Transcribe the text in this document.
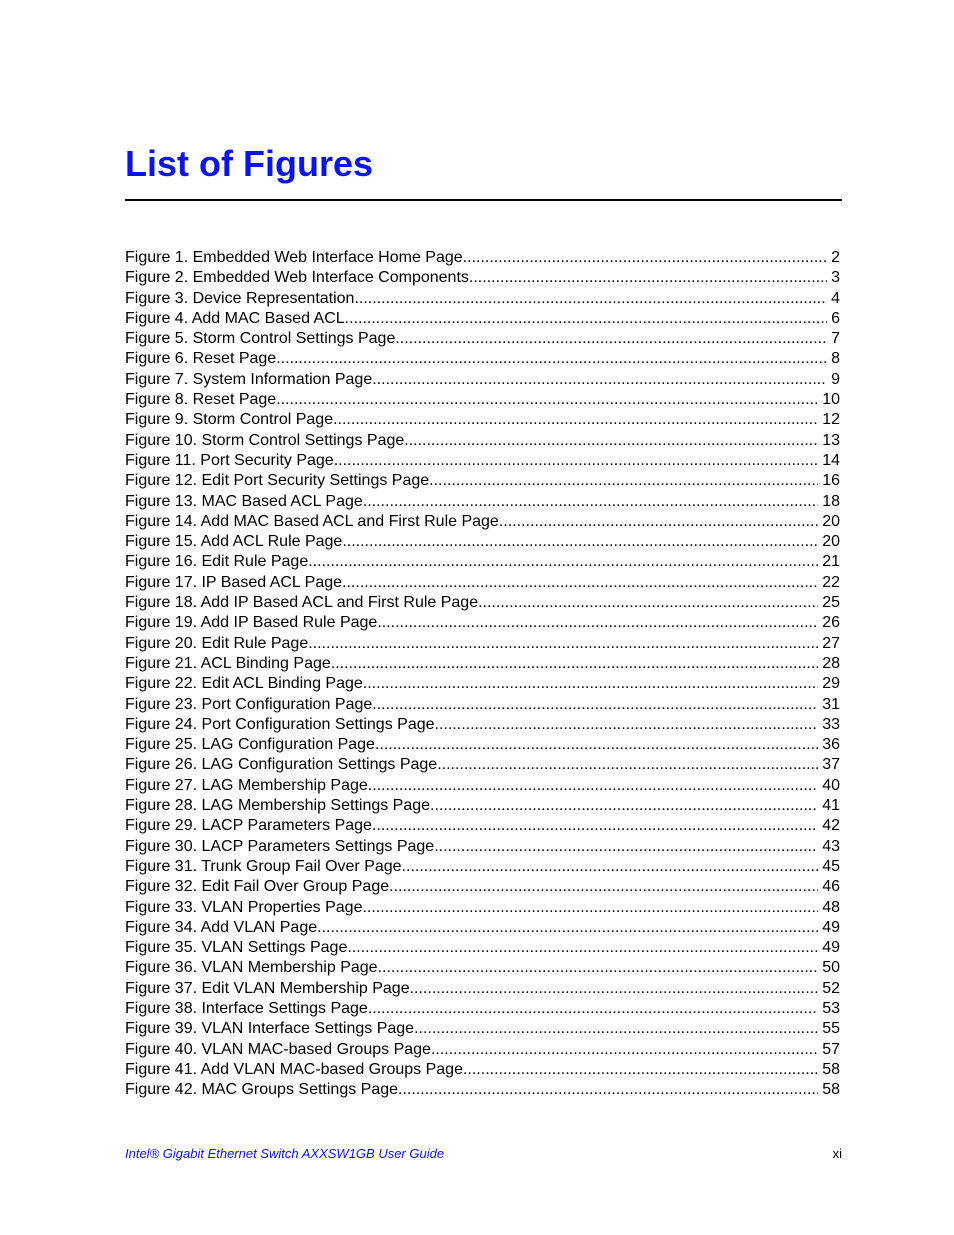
List of Figures
Figure 1. Embedded Web Interface Home Page .....	2
Figure 2. Embedded Web Interface Components .....	3
Figure 3. Device Representation .....	4
Figure 4. Add MAC Based ACL .....	6
Figure 5. Storm Control Settings Page .....	7
Figure 6. Reset Page .....	8
Figure 7. System Information Page .....	9
Figure 8. Reset Page .....	10
Figure 9. Storm Control Page .....	12
Figure 10. Storm Control Settings Page .....	13
Figure 11. Port Security Page .....	14
Figure 12. Edit Port Security Settings Page .....	16
Figure 13. MAC Based ACL Page .....	18
Figure 14. Add MAC Based ACL and First Rule Page .....	20
Figure 15. Add ACL Rule Page .....	20
Figure 16. Edit Rule Page .....	21
Figure 17. IP Based ACL Page .....	22
Figure 18. Add IP Based ACL and First Rule Page .....	25
Figure 19. Add IP Based Rule Page .....	26
Figure 20. Edit Rule Page .....	27
Figure 21. ACL Binding Page .....	28
Figure 22. Edit ACL Binding Page .....	29
Figure 23. Port Configuration Page .....	31
Figure 24. Port Configuration Settings Page .....	33
Figure 25. LAG Configuration Page .....	36
Figure 26. LAG Configuration Settings Page .....	37
Figure 27. LAG Membership Page .....	40
Figure 28. LAG Membership Settings Page .....	41
Figure 29. LACP Parameters Page .....	42
Figure 30. LACP Parameters Settings Page .....	43
Figure 31. Trunk Group Fail Over Page .....	45
Figure 32. Edit Fail Over Group Page .....	46
Figure 33. VLAN Properties Page .....	48
Figure 34. Add VLAN Page .....	49
Figure 35. VLAN Settings Page .....	49
Figure 36. VLAN Membership Page .....	50
Figure 37. Edit VLAN Membership Page .....	52
Figure 38. Interface Settings Page .....	53
Figure 39. VLAN Interface Settings Page .....	55
Figure 40. VLAN MAC-based Groups Page .....	57
Figure 41. Add VLAN MAC-based Groups Page .....	58
Figure 42. MAC Groups Settings Page .....	58
Intel® Gigabit Ethernet Switch AXXSW1GB User Guide	xi
